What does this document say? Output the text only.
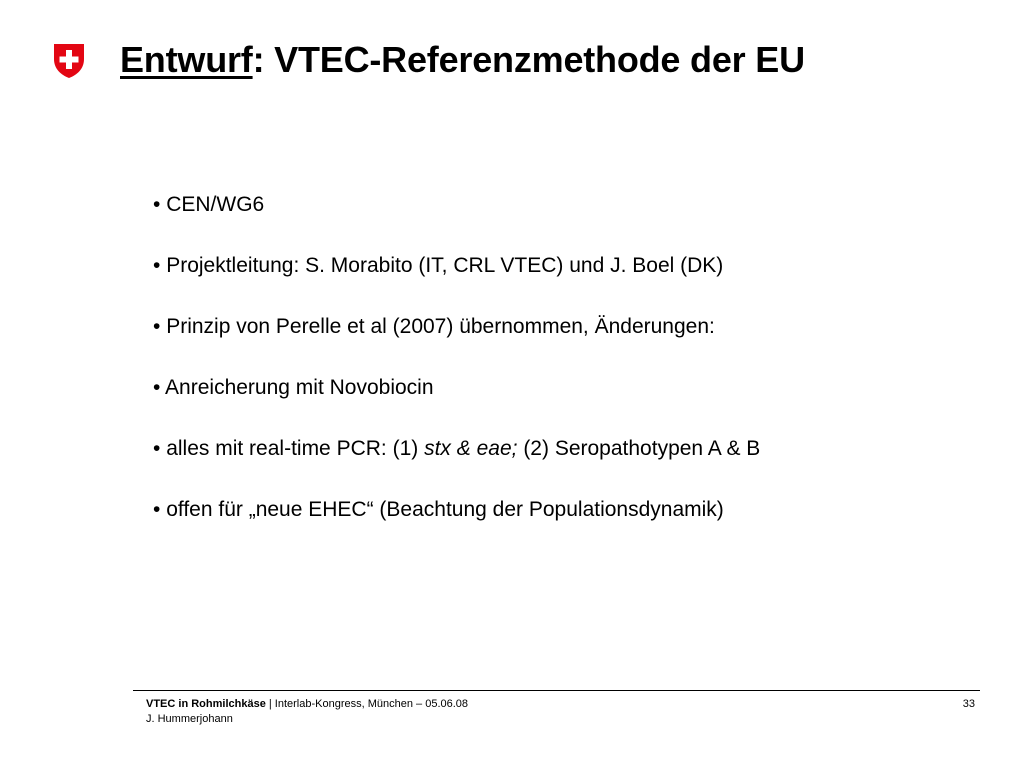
Entwurf: VTEC-Referenzmethode der EU
• CEN/WG6
• Projektleitung: S. Morabito (IT, CRL VTEC) und J. Boel (DK)
• Prinzip von Perelle et al (2007) übernommen, Änderungen:
• Anreicherung mit Novobiocin
• alles mit real-time PCR: (1) stx & eae; (2) Seropathotypen A & B
• offen für „neue EHEC“ (Beachtung der Populationsdynamik)
VTEC in Rohmilchkäse | Interlab-Kongress, München – 05.06.08
J. Hummerjohann
33
